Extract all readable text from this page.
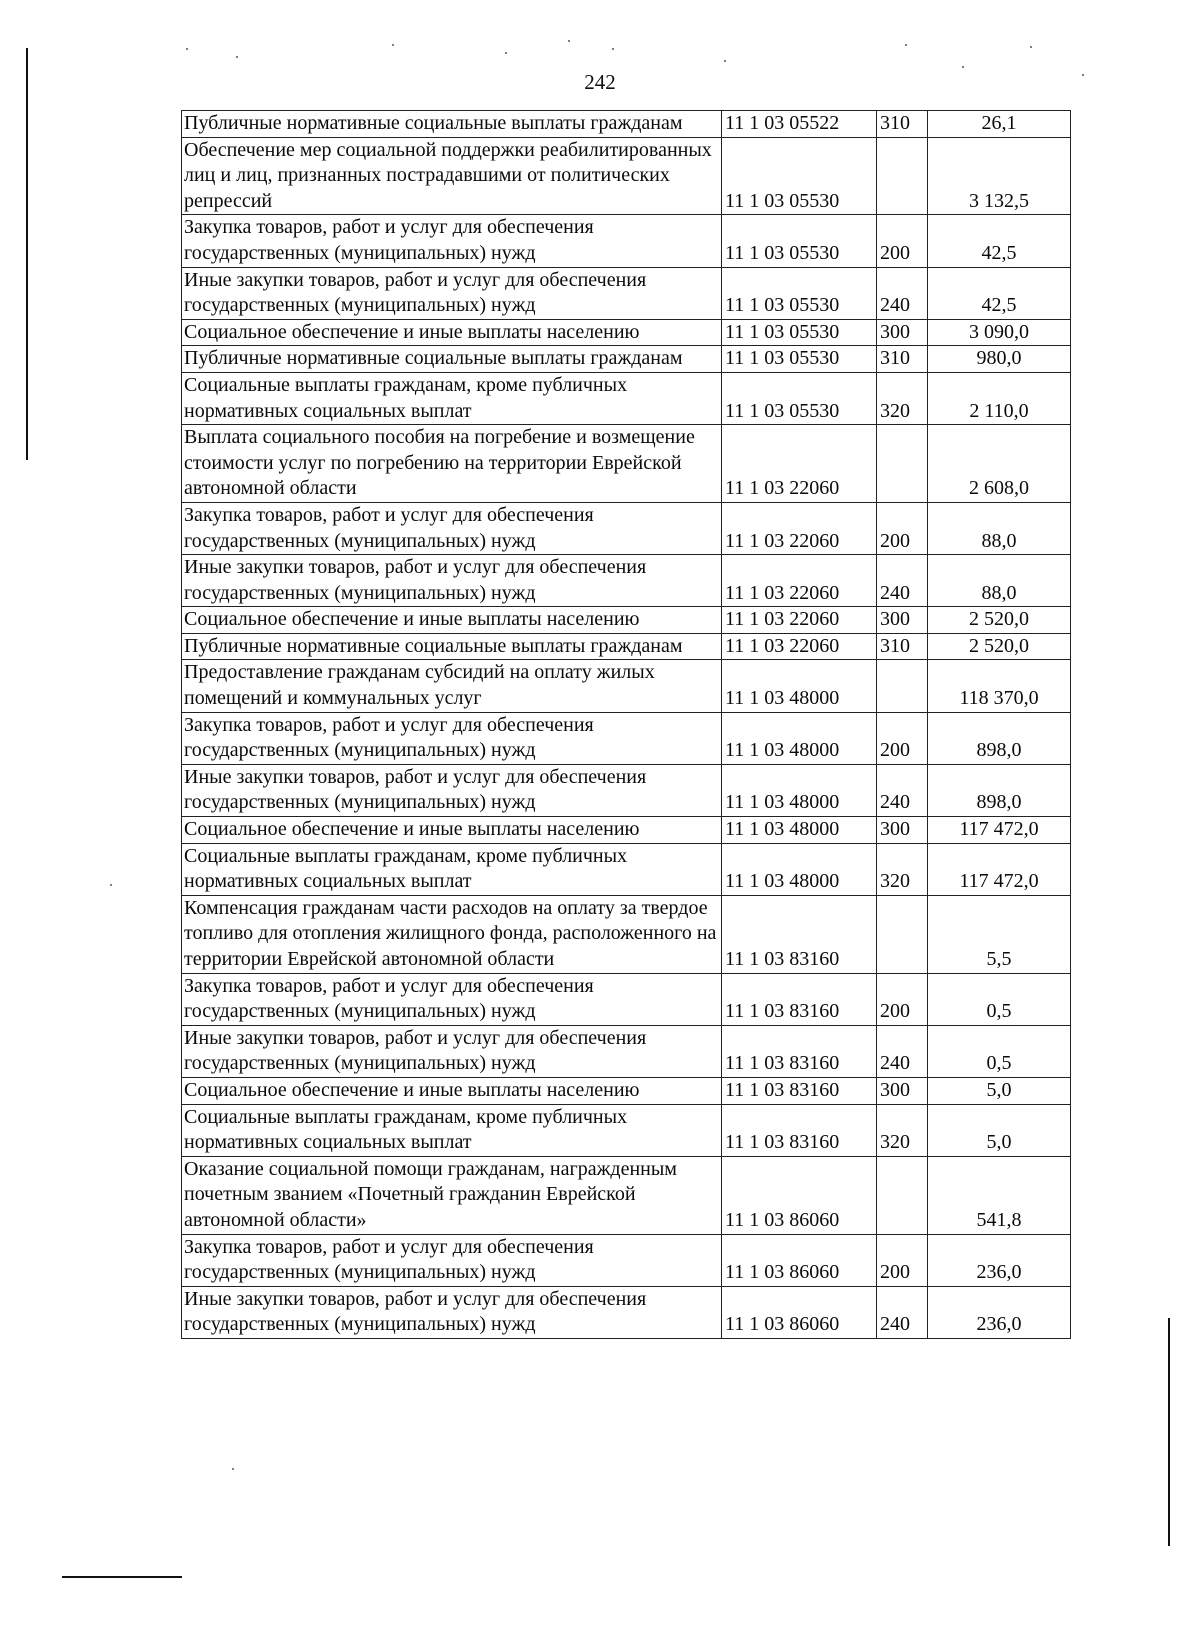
242
Публичные нормативные социальные выплаты гражданам	11 1 03 05522	310	26,1
Обеспечение мер социальной поддержки реабилитированных лиц и лиц, признанных пострадавшими от политических репрессий	11 1 03 05530		3 132,5
Закупка товаров, работ и услуг для обеспечения государственных (муниципальных) нужд	11 1 03 05530	200	42,5
Иные закупки товаров, работ и услуг для обеспечения государственных (муниципальных) нужд	11 1 03 05530	240	42,5
Социальное обеспечение и иные выплаты населению	11 1 03 05530	300	3 090,0
Публичные нормативные социальные выплаты гражданам	11 1 03 05530	310	980,0
Социальные выплаты гражданам, кроме публичных нормативных социальных выплат	11 1 03 05530	320	2 110,0
Выплата социального пособия на погребение и возмещение стоимости услуг по погребению на территории Еврейской автономной области	11 1 03 22060		2 608,0
Закупка товаров, работ и услуг для обеспечения государственных (муниципальных) нужд	11 1 03 22060	200	88,0
Иные закупки товаров, работ и услуг для обеспечения государственных (муниципальных) нужд	11 1 03 22060	240	88,0
Социальное обеспечение и иные выплаты населению	11 1 03 22060	300	2 520,0
Публичные нормативные социальные выплаты гражданам	11 1 03 22060	310	2 520,0
Предоставление гражданам субсидий на оплату жилых помещений и коммунальных услуг	11 1 03 48000		118 370,0
Закупка товаров, работ и услуг для обеспечения государственных (муниципальных) нужд	11 1 03 48000	200	898,0
Иные закупки товаров, работ и услуг для обеспечения государственных (муниципальных) нужд	11 1 03 48000	240	898,0
Социальное обеспечение и иные выплаты населению	11 1 03 48000	300	117 472,0
Социальные выплаты гражданам, кроме публичных нормативных социальных выплат	11 1 03 48000	320	117 472,0
Компенсация гражданам части расходов на оплату за твердое топливо для отопления жилищного фонда, расположенного на территории Еврейской автономной области	11 1 03 83160		5,5
Закупка товаров, работ и услуг для обеспечения государственных (муниципальных) нужд	11 1 03 83160	200	0,5
Иные закупки товаров, работ и услуг для обеспечения государственных (муниципальных) нужд	11 1 03 83160	240	0,5
Социальное обеспечение и иные выплаты населению	11 1 03 83160	300	5,0
Социальные выплаты гражданам, кроме публичных нормативных социальных выплат	11 1 03 83160	320	5,0
Оказание социальной помощи гражданам, награжденным почетным званием «Почетный гражданин Еврейской автономной области»	11 1 03 86060		541,8
Закупка товаров, работ и услуг для обеспечения государственных (муниципальных) нужд	11 1 03 86060	200	236,0
Иные закупки товаров, работ и услуг для обеспечения государственных (муниципальных) нужд	11 1 03 86060	240	236,0
